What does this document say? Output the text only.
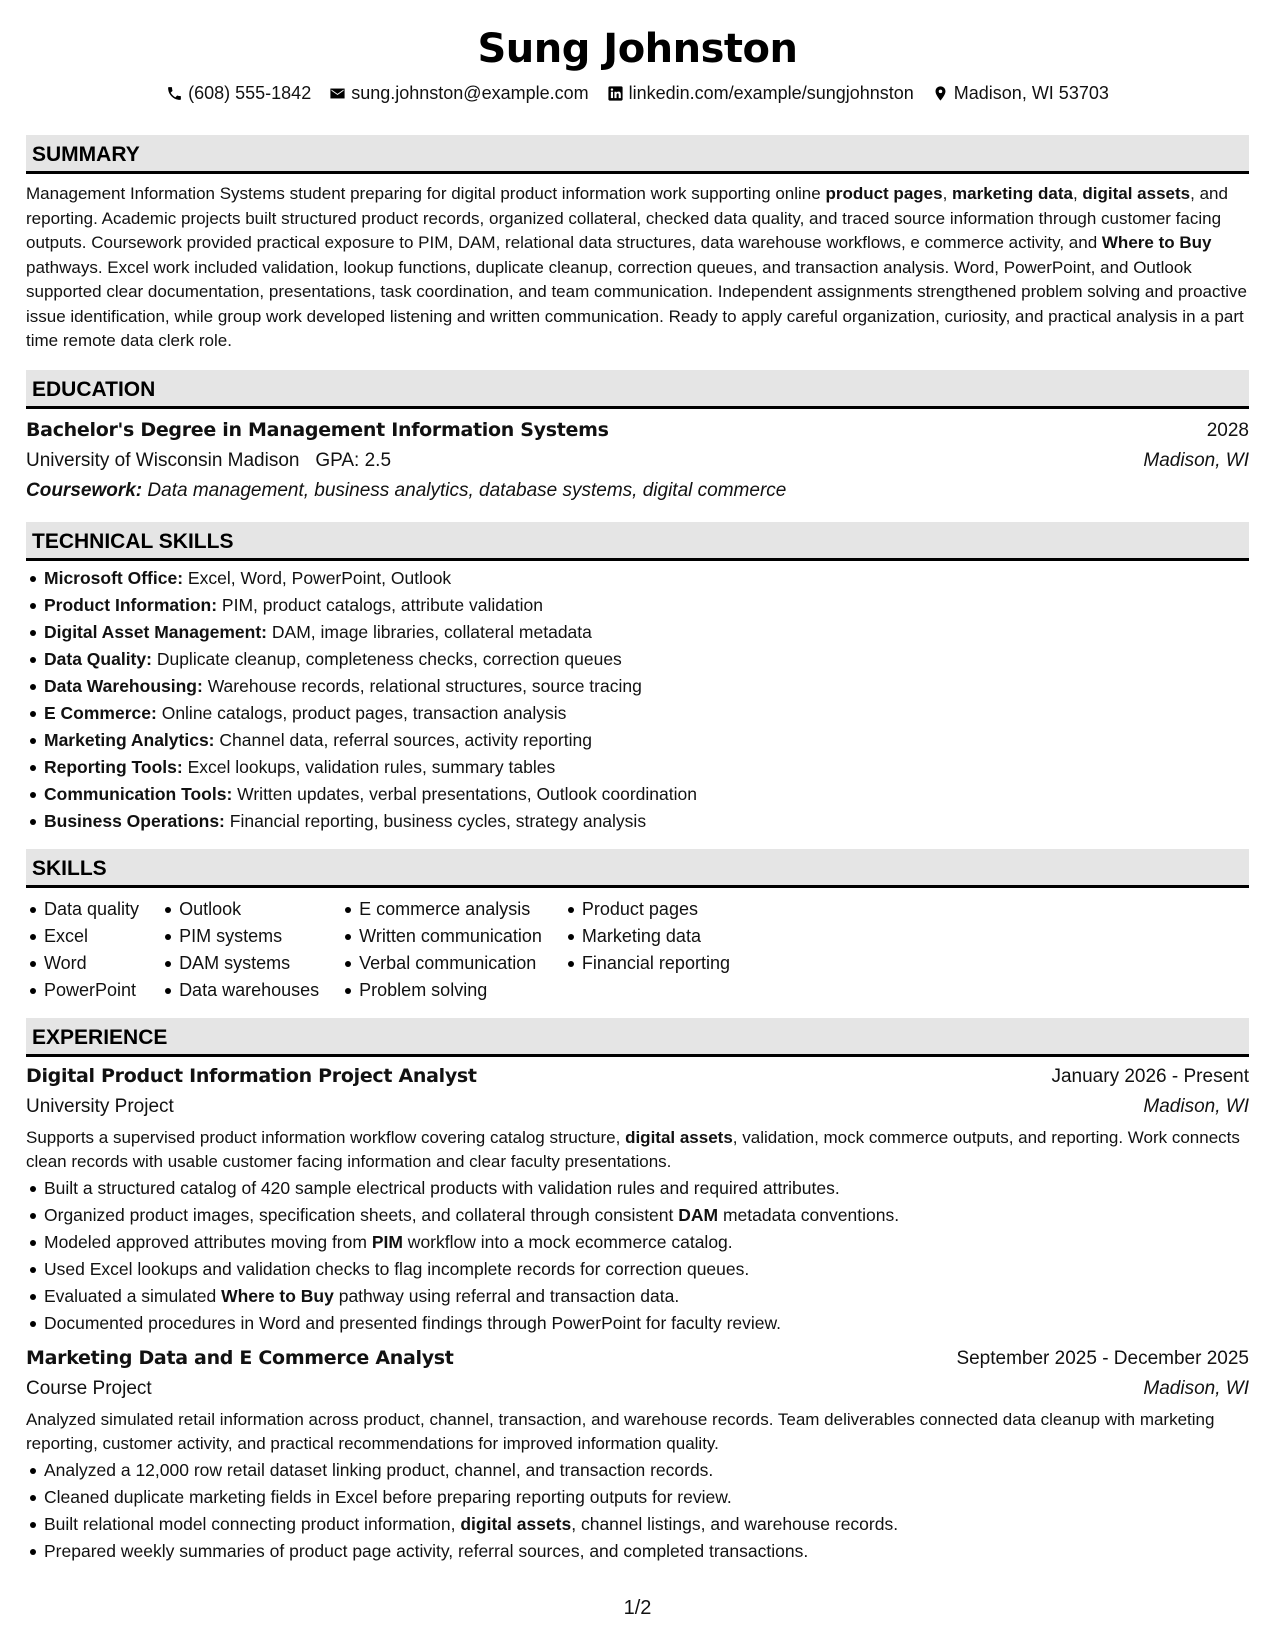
Sung Johnston
(608) 555-1842 sung.johnston@example.com linkedin.com/example/sungjohnston Madison, WI 53703
SUMMARY

Management Information Systems student preparing for digital product information work supporting online product pages, marketing data, digital assets, and reporting. Academic projects built structured product records, organized collateral, checked data quality, and traced source information through customer facing outputs. Coursework provided practical exposure to PIM, DAM, relational data structures, data warehouse workflows, e commerce activity, and Where to Buy pathways. Excel work included validation, lookup functions, duplicate cleanup, correction queues, and transaction analysis. Word, PowerPoint, and Outlook supported clear documentation, presentations, task coordination, and team communication. Independent assignments strengthened problem solving and proactive issue identification, while group work developed listening and written communication. Ready to apply careful organization, curiosity, and practical analysis in a part time remote data clerk role.

EDUCATION
Bachelor's Degree in Management Information Systems	2028
University of Wisconsin Madison GPA: 2.5	Madison, WI
Coursework: Data management, business analytics, database systems, digital commerce
TECHNICAL SKILLS
Microsoft Office: Excel, Word, PowerPoint, Outlook
Product Information: PIM, product catalogs, attribute validation
Digital Asset Management: DAM, image libraries, collateral metadata
Data Quality: Duplicate cleanup, completeness checks, correction queues
Data Warehousing: Warehouse records, relational structures, source tracing
E Commerce: Online catalogs, product pages, transaction analysis
Marketing Analytics: Channel data, referral sources, activity reporting
Reporting Tools: Excel lookups, validation rules, summary tables
Communication Tools: Written updates, verbal presentations, Outlook coordination
Business Operations: Financial reporting, business cycles, strategy analysis
SKILLS
Data quality
Excel
Word
PowerPoint
Outlook
PIM systems
DAM systems
Data warehouses
E commerce analysis
Written communication
Verbal communication
Problem solving
Product pages
Marketing data
Financial reporting
EXPERIENCE
Digital Product Information Project Analyst	January 2026 - Present
University Project	Madison, WI

Supports a supervised product information workflow covering catalog structure, digital assets, validation, mock commerce outputs, and reporting. Work connects clean records with usable customer facing information and clear faculty presentations.

Built a structured catalog of 420 sample electrical products with validation rules and required attributes.
Organized product images, specification sheets, and collateral through consistent DAM metadata conventions.
Modeled approved attributes moving from PIM workflow into a mock ecommerce catalog.
Used Excel lookups and validation checks to flag incomplete records for correction queues.
Evaluated a simulated Where to Buy pathway using referral and transaction data.
Documented procedures in Word and presented findings through PowerPoint for faculty review.
Marketing Data and E Commerce Analyst	September 2025 - December 2025
Course Project	Madison, WI

Analyzed simulated retail information across product, channel, transaction, and warehouse records. Team deliverables connected data cleanup with marketing reporting, customer activity, and practical recommendations for improved information quality.

Analyzed a 12,000 row retail dataset linking product, channel, and transaction records.
Cleaned duplicate marketing fields in Excel before preparing reporting outputs for review.
Built relational model connecting product information, digital assets, channel listings, and warehouse records.
Prepared weekly summaries of product page activity, referral sources, and completed transactions.
1/2
